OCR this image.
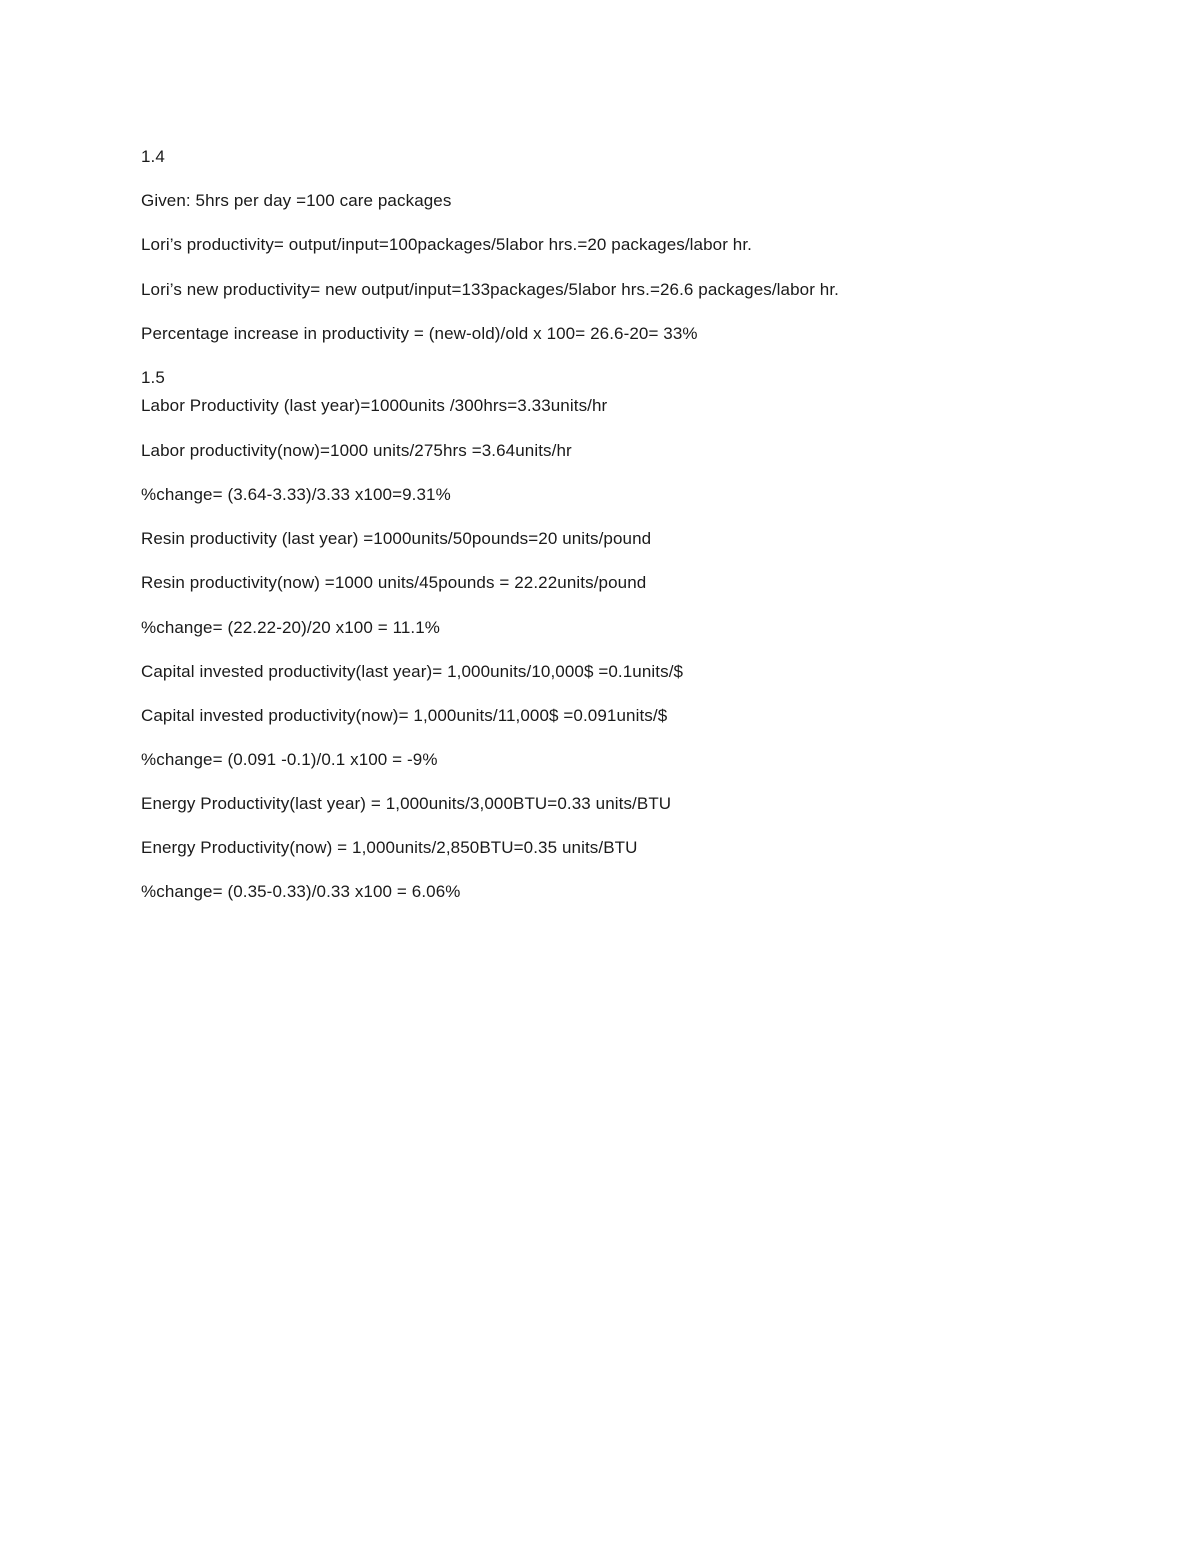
1.4
Given: 5hrs per day =100 care packages
Lori’s productivity= output/input=100packages/5labor hrs.=20 packages/labor hr.
Lori’s new productivity= new output/input=133packages/5labor hrs.=26.6 packages/labor hr.
Percentage increase in productivity = (new-old)/old x 100= 26.6-20= 33%
1.5
Labor Productivity (last year)=1000units /300hrs=3.33units/hr
Labor productivity(now)=1000 units/275hrs =3.64units/hr
%change= (3.64-3.33)/3.33 x100=9.31%
Resin productivity (last year) =1000units/50pounds=20 units/pound
Resin productivity(now) =1000 units/45pounds = 22.22units/pound
%change= (22.22-20)/20 x100 = 11.1%
Capital invested productivity(last year)= 1,000units/10,000$ =0.1units/$
Capital invested productivity(now)= 1,000units/11,000$ =0.091units/$
%change= (0.091 -0.1)/0.1 x100 = -9%
Energy Productivity(last year) = 1,000units/3,000BTU=0.33 units/BTU
Energy Productivity(now) = 1,000units/2,850BTU=0.35 units/BTU
%change= (0.35-0.33)/0.33 x100 = 6.06%
